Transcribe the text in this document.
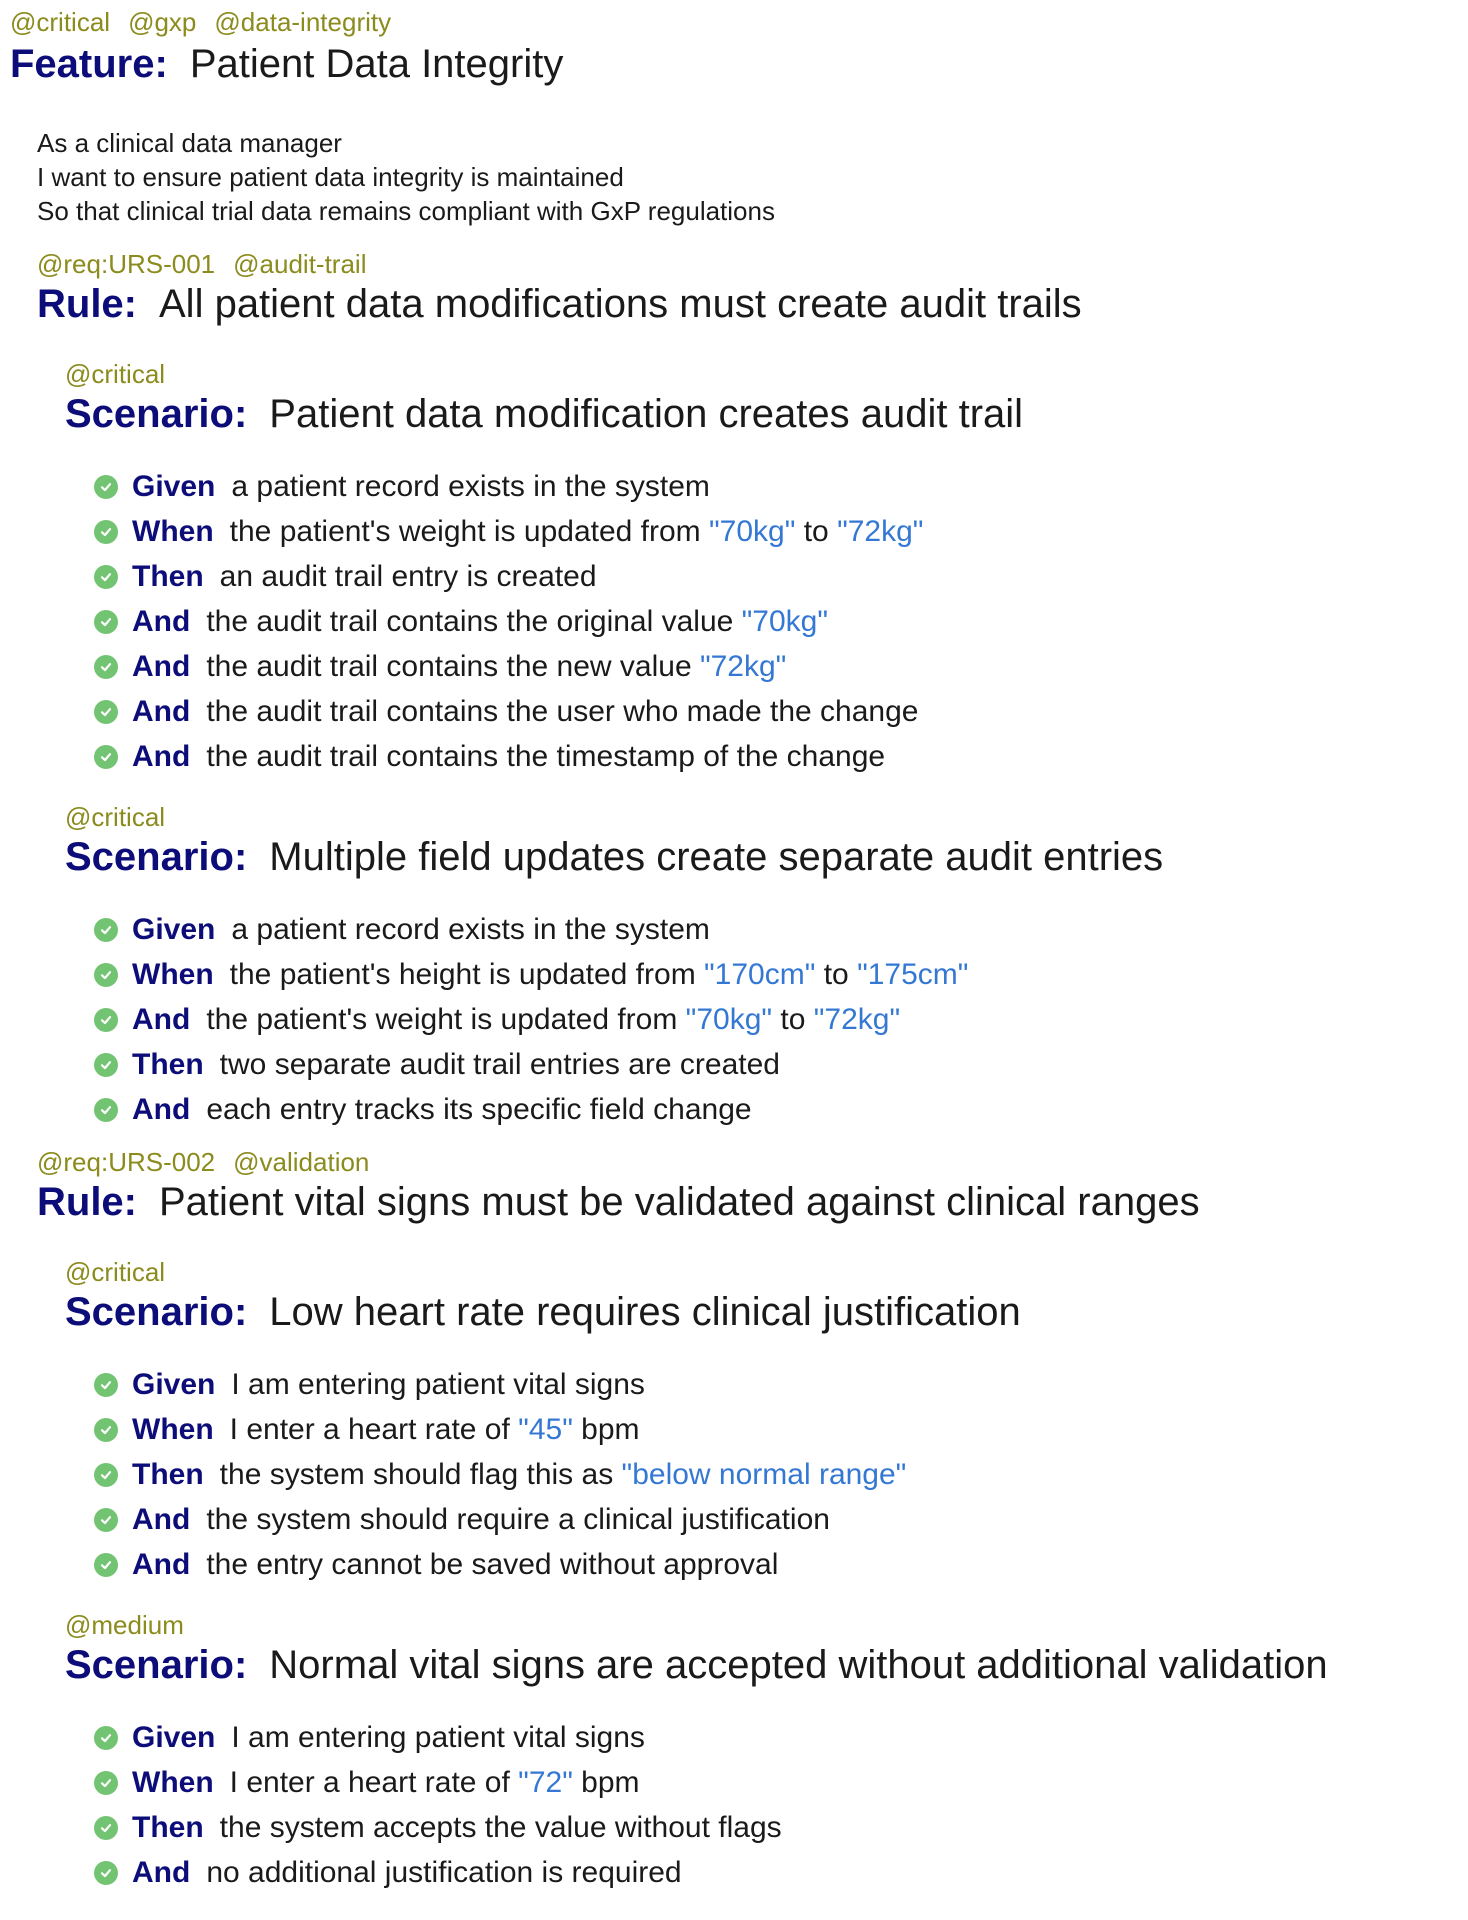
@critical @gxp @data-integrity
Feature: Patient Data Integrity
As a clinical data manager
I want to ensure patient data integrity is maintained
So that clinical trial data remains compliant with GxP regulations
@req:URS-001 @audit-trail
Rule: All patient data modifications must create audit trails
@critical
Scenario: Patient data modification creates audit trail
Given a patient record exists in the system
When the patient's weight is updated from "70kg" to "72kg"
Then an audit trail entry is created
And the audit trail contains the original value "70kg"
And the audit trail contains the new value "72kg"
And the audit trail contains the user who made the change
And the audit trail contains the timestamp of the change
@critical
Scenario: Multiple field updates create separate audit entries
Given a patient record exists in the system
When the patient's height is updated from "170cm" to "175cm"
And the patient's weight is updated from "70kg" to "72kg"
Then two separate audit trail entries are created
And each entry tracks its specific field change
@req:URS-002 @validation
Rule: Patient vital signs must be validated against clinical ranges
@critical
Scenario: Low heart rate requires clinical justification
Given I am entering patient vital signs
When I enter a heart rate of "45" bpm
Then the system should flag this as "below normal range"
And the system should require a clinical justification
And the entry cannot be saved without approval
@medium
Scenario: Normal vital signs are accepted without additional validation
Given I am entering patient vital signs
When I enter a heart rate of "72" bpm
Then the system accepts the value without flags
And no additional justification is required
